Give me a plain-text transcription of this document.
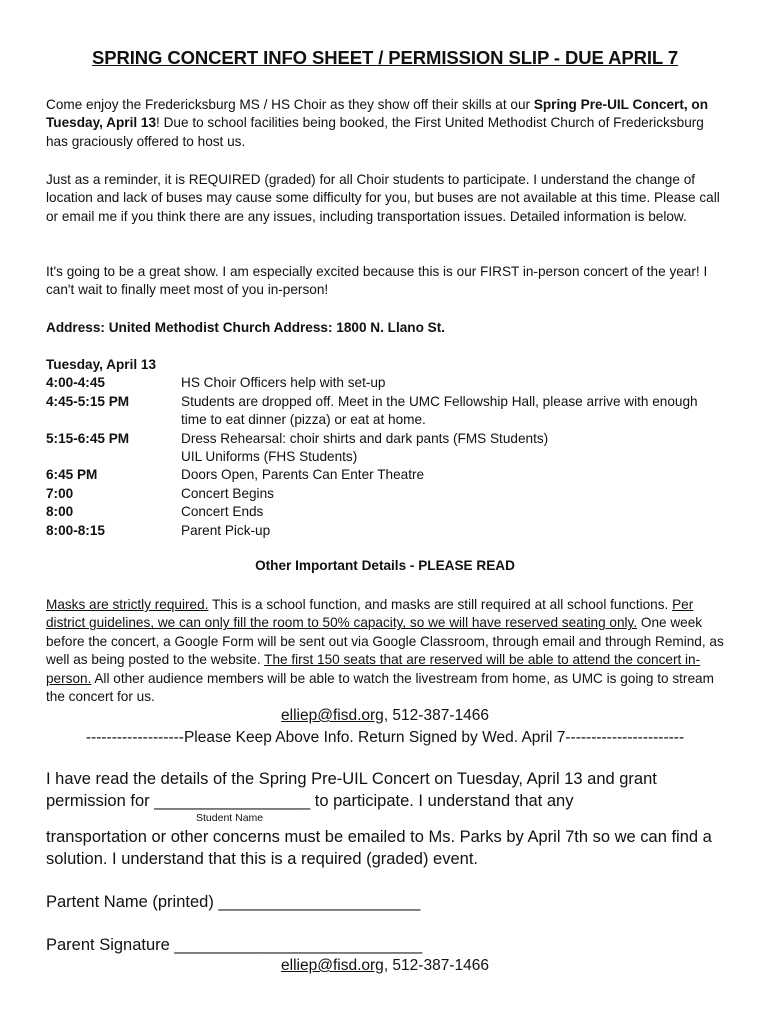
SPRING CONCERT INFO SHEET / PERMISSION SLIP - DUE APRIL 7
Come enjoy the Fredericksburg MS / HS Choir as they show off their skills at our Spring Pre-UIL Concert, on Tuesday, April 13! Due to school facilities being booked, the First United Methodist Church of Fredericksburg has graciously offered to host us.
Just as a reminder, it is REQUIRED (graded) for all Choir students to participate. I understand the change of location and lack of buses may cause some difficulty for you, but buses are not available at this time. Please call or email me if you think there are any issues, including transportation issues. Detailed information is below.
It's going to be a great show. I am especially excited because this is our FIRST in-person concert of the year! I can't wait to finally meet most of you in-person!
Address: United Methodist Church Address: 1800 N. Llano St.
Tuesday, April 13
4:00-4:45	HS Choir Officers help with set-up
4:45-5:15 PM	Students are dropped off. Meet in the UMC Fellowship Hall, please arrive with enough time to eat dinner (pizza) or eat at home.
5:15-6:45 PM	Dress Rehearsal: choir shirts and dark pants (FMS Students)
UIL Uniforms (FHS Students)
6:45 PM	Doors Open, Parents Can Enter Theatre
7:00	Concert Begins
8:00	Concert Ends
8:00-8:15	Parent Pick-up
Other Important Details - PLEASE READ
Masks are strictly required. This is a school function, and masks are still required at all school functions. Per district guidelines, we can only fill the room to 50% capacity, so we will have reserved seating only. One week before the concert, a Google Form will be sent out via Google Classroom, through email and through Remind, as well as being posted to the website. The first 150 seats that are reserved will be able to attend the concert in-person. All other audience members will be able to watch the livestream from home, as UMC is going to stream the concert for us.
elliep@fisd.org, 512-387-1466
-------------------Please Keep Above Info. Return Signed by Wed. April 7-----------------------
I have read the details of the Spring Pre-UIL Concert on Tuesday, April 13 and grant permission for _________________ to participate. I understand that any
Student Name
transportation or other concerns must be emailed to Ms. Parks by April 7th so we can find a solution. I understand that this is a required (graded) event.
Partent Name (printed) ______________________
Parent Signature ___________________________
elliep@fisd.org, 512-387-1466
